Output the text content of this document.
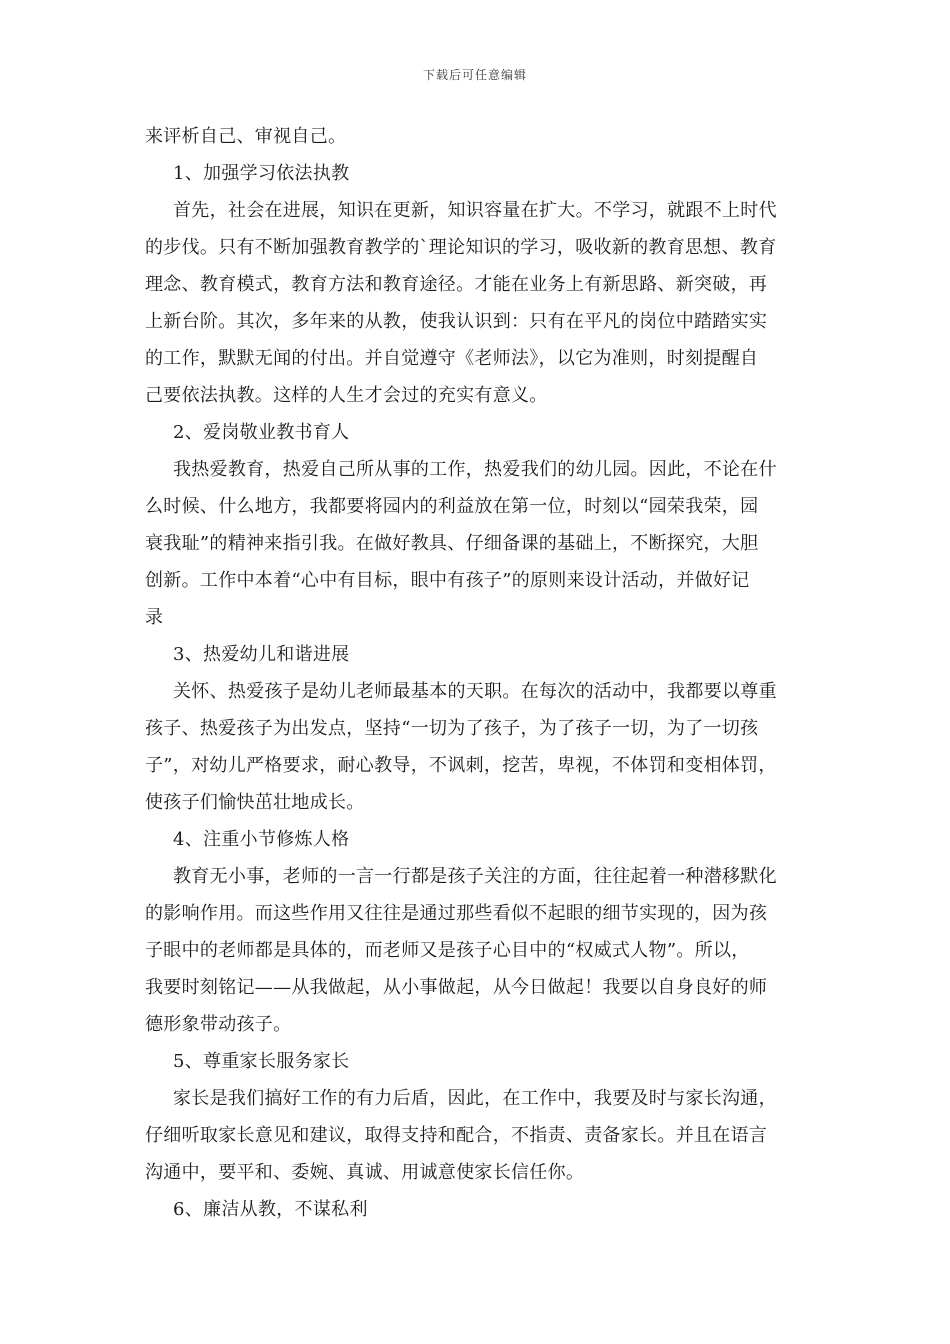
下载后可任意编辑
来评析自己、审视自己。
1、加强学习依法执教
首先，社会在进展，知识在更新，知识容量在扩大。不学习，就跟不上时代
的步伐。只有不断加强教育教学的`理论知识的学习，吸收新的教育思想、教育
理念、教育模式，教育方法和教育途径。才能在业务上有新思路、新突破，再
上新台阶。其次，多年来的从教，使我认识到：只有在平凡的岗位中踏踏实实
的工作，默默无闻的付出。并自觉遵守《老师法》，以它为准则，时刻提醒自
己要依法执教。这样的人生才会过的充实有意义。
2、爱岗敬业教书育人
我热爱教育，热爱自己所从事的工作，热爱我们的幼儿园。因此，不论在什
么时候、什么地方，我都要将园内的利益放在第一位，时刻以“园荣我荣，园
衰我耻”的精神来指引我。在做好教具、仔细备课的基础上，不断探究，大胆
创新。工作中本着“心中有目标，眼中有孩子”的原则来设计活动，并做好记
录
3、热爱幼儿和谐进展
关怀、热爱孩子是幼儿老师最基本的天职。在每次的活动中，我都要以尊重
孩子、热爱孩子为出发点，坚持“一切为了孩子，为了孩子一切，为了一切孩
子”，对幼儿严格要求，耐心教导，不讽刺，挖苦，卑视，不体罚和变相体罚，
使孩子们愉快茁壮地成长。
4、注重小节修炼人格
教育无小事，老师的一言一行都是孩子关注的方面，往往起着一种潜移默化
的影响作用。而这些作用又往往是通过那些看似不起眼的细节实现的，因为孩
子眼中的老师都是具体的，而老师又是孩子心目中的“权威式人物”。所以，
我要时刻铭记——从我做起，从小事做起，从今日做起！我要以自身良好的师
德形象带动孩子。
5、尊重家长服务家长
家长是我们搞好工作的有力后盾，因此，在工作中，我要及时与家长沟通，
仔细听取家长意见和建议，取得支持和配合，不指责、责备家长。并且在语言
沟通中，要平和、委婉、真诚、用诚意使家长信任你。
6、廉洁从教，不谋私利
